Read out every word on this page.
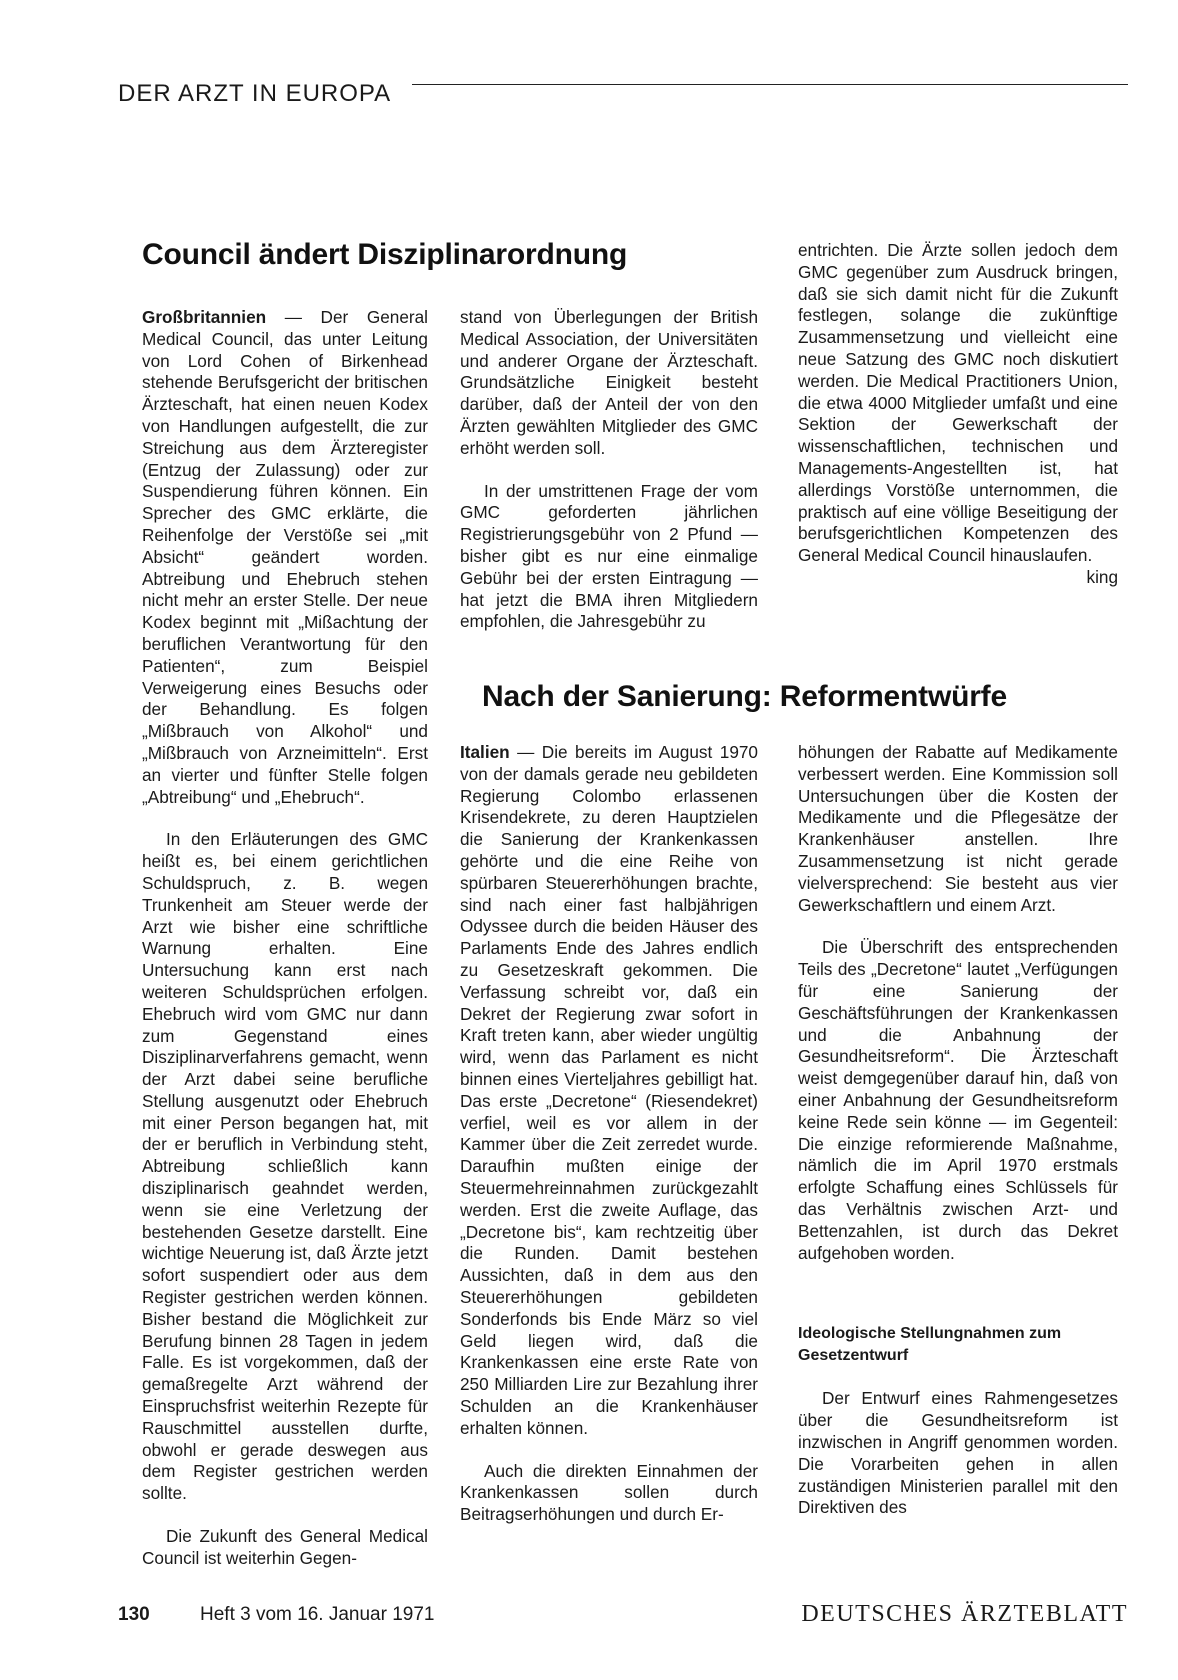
DER ARZT IN EUROPA
Council ändert Disziplinarordnung

Großbritannien — Der General Medical Council, das unter Leitung von Lord Cohen of Birkenhead stehende Berufsgericht der britischen Ärzteschaft, hat einen neuen Kodex von Handlungen aufgestellt, die zur Streichung aus dem Ärzteregister (Entzug der Zulassung) oder zur Suspendierung führen können. Ein Sprecher des GMC erklärte, die Reihenfolge der Verstöße sei „mit Absicht“ geändert worden. Abtreibung und Ehebruch stehen nicht mehr an erster Stelle. Der neue Kodex beginnt mit „Mißachtung der beruflichen Verantwortung für den Patienten“, zum Beispiel Verweigerung eines Besuchs oder der Behandlung. Es folgen „Mißbrauch von Alkohol“ und „Mißbrauch von Arzneimitteln“. Erst an vierter und fünfter Stelle folgen „Abtreibung“ und „Ehebruch“.

In den Erläuterungen des GMC heißt es, bei einem gerichtlichen Schuldspruch, z. B. wegen Trunkenheit am Steuer werde der Arzt wie bisher eine schriftliche Warnung erhalten. Eine Untersuchung kann erst nach weiteren Schuldsprüchen erfolgen. Ehebruch wird vom GMC nur dann zum Gegenstand eines Disziplinarverfahrens gemacht, wenn der Arzt dabei seine berufliche Stellung ausgenutzt oder Ehebruch mit einer Person begangen hat, mit der er beruflich in Verbindung steht, Abtreibung schließlich kann disziplinarisch geahndet werden, wenn sie eine Verletzung der bestehenden Gesetze darstellt. Eine wichtige Neuerung ist, daß Ärzte jetzt sofort suspendiert oder aus dem Register gestrichen werden können. Bisher bestand die Möglichkeit zur Berufung binnen 28 Tagen in jedem Falle. Es ist vorgekommen, daß der gemaßregelte Arzt während der Einspruchsfrist weiterhin Rezepte für Rauschmittel ausstellen durfte, obwohl er gerade deswegen aus dem Register gestrichen werden sollte.

Die Zukunft des General Medical Council ist weiterhin Gegen-

stand von Überlegungen der British Medical Association, der Universitäten und anderer Organe der Ärzteschaft. Grundsätzliche Einigkeit besteht darüber, daß der Anteil der von den Ärzten gewählten Mitglieder des GMC erhöht werden soll.

In der umstrittenen Frage der vom GMC geforderten jährlichen Registrierungsgebühr von 2 Pfund — bisher gibt es nur eine einmalige Gebühr bei der ersten Eintragung — hat jetzt die BMA ihren Mitgliedern empfohlen, die Jahresgebühr zu

entrichten. Die Ärzte sollen jedoch dem GMC gegenüber zum Ausdruck bringen, daß sie sich damit nicht für die Zukunft festlegen, solange die zukünftige Zusammensetzung und vielleicht eine neue Satzung des GMC noch diskutiert werden. Die Medical Practitioners Union, die etwa 4000 Mitglieder umfaßt und eine Sektion der Gewerkschaft der wissenschaftlichen, technischen und Managements-Angestellten ist, hat allerdings Vorstöße unternommen, die praktisch auf eine völlige Beseitigung der berufsgerichtlichen Kompetenzen des General Medical Council hinauslaufen.

king
Nach der Sanierung: Reformentwürfe

Italien — Die bereits im August 1970 von der damals gerade neu gebildeten Regierung Colombo erlassenen Krisendekrete, zu deren Hauptzielen die Sanierung der Krankenkassen gehörte und die eine Reihe von spürbaren Steuererhöhungen brachte, sind nach einer fast halbjährigen Odyssee durch die beiden Häuser des Parlaments Ende des Jahres endlich zu Gesetzeskraft gekommen. Die Verfassung schreibt vor, daß ein Dekret der Regierung zwar sofort in Kraft treten kann, aber wieder ungültig wird, wenn das Parlament es nicht binnen eines Vierteljahres gebilligt hat. Das erste „Decretone“ (Riesendekret) verfiel, weil es vor allem in der Kammer über die Zeit zerredet wurde. Daraufhin mußten einige der Steuermehreinnahmen zurückgezahlt werden. Erst die zweite Auflage, das „Decretone bis“, kam rechtzeitig über die Runden. Damit bestehen Aussichten, daß in dem aus den Steuererhöhungen gebildeten Sonderfonds bis Ende März so viel Geld liegen wird, daß die Krankenkassen eine erste Rate von 250 Milliarden Lire zur Bezahlung ihrer Schulden an die Krankenhäuser erhalten können.

Auch die direkten Einnahmen der Krankenkassen sollen durch Beitragserhöhungen und durch Er-

höhungen der Rabatte auf Medikamente verbessert werden. Eine Kommission soll Untersuchungen über die Kosten der Medikamente und die Pflegesätze der Krankenhäuser anstellen. Ihre Zusammensetzung ist nicht gerade vielversprechend: Sie besteht aus vier Gewerkschaftlern und einem Arzt.

Die Überschrift des entsprechenden Teils des „Decretone“ lautet „Verfügungen für eine Sanierung der Geschäftsführungen der Krankenkassen und die Anbahnung der Gesundheitsreform“. Die Ärzteschaft weist demgegenüber darauf hin, daß von einer Anbahnung der Gesundheitsreform keine Rede sein könne — im Gegenteil: Die einzige reformierende Maßnahme, nämlich die im April 1970 erstmals erfolgte Schaffung eines Schlüssels für das Verhältnis zwischen Arzt- und Bettenzahlen, ist durch das Dekret aufgehoben worden.

Ideologische Stellungnahmen zum Gesetzentwurf

Der Entwurf eines Rahmengesetzes über die Gesundheitsreform ist inzwischen in Angriff genommen worden. Die Vorarbeiten gehen in allen zuständigen Ministerien parallel mit den Direktiven des

130	Heft 3 vom 16. Januar 1971	DEUTSCHES ÄRZTEBLATT
